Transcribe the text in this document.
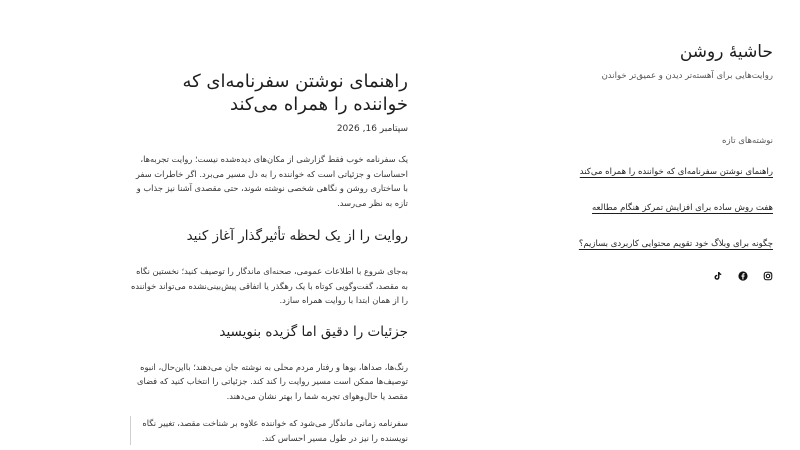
حاشیهٔ روشن
روایت‌هایی برای آهسته‌تر دیدن و عمیق‌تر خواندن
نوشته‌های تازه
راهنمای نوشتن سفرنامه‌ای که خواننده را همراه می‌کند
هفت روش ساده برای افزایش تمرکز هنگام مطالعه
چگونه برای وبلاگ خود تقویم محتوایی کاربردی بسازیم؟
راهنمای نوشتن سفرنامه‌ای که خواننده را همراه می‌کند
سپتامبر 16, 2026

یک سفرنامه خوب فقط گزارشی از مکان‌های دیده‌شده نیست؛ روایت تجربه‌ها، احساسات و جزئیاتی است که خواننده را به دل مسیر می‌برد. اگر خاطرات سفر با ساختاری روشن و نگاهی شخصی نوشته شوند، حتی مقصدی آشنا نیز جذاب و تازه به نظر می‌رسد.

روایت را از یک لحظه تأثیرگذار آغاز کنید

به‌جای شروع با اطلاعات عمومی، صحنه‌ای ماندگار را توصیف کنید؛ نخستین نگاه به مقصد، گفت‌وگویی کوتاه با یک رهگذر یا اتفاقی پیش‌بینی‌نشده می‌تواند خواننده را از همان ابتدا با روایت همراه سازد.

جزئیات را دقیق اما گزیده بنویسید

رنگ‌ها، صداها، بوها و رفتار مردم محلی به نوشته جان می‌دهند؛ با‌این‌حال، انبوه توصیف‌ها ممکن است مسیر روایت را کند کند. جزئیاتی را انتخاب کنید که فضای مقصد یا حال‌وهوای تجربه شما را بهتر نشان می‌دهند.

سفرنامه زمانی ماندگار می‌شود که خواننده علاوه بر شناخت مقصد، تغییر نگاه نویسنده را نیز در طول مسیر احساس کند.
